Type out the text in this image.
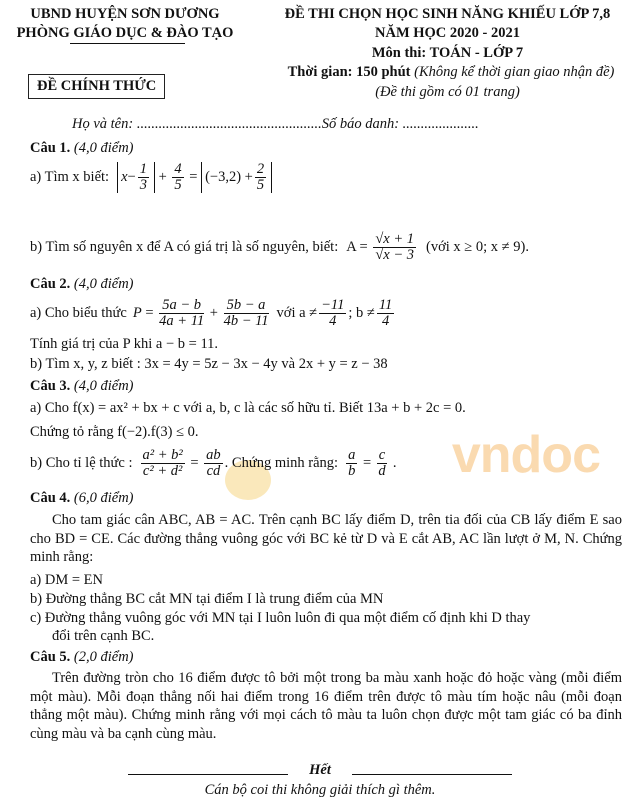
UBND HUYỆN SƠN DƯƠNG
PHÒNG GIÁO DỤC & ĐÀO TẠO
ĐỀ CHÍNH THỨC
ĐỀ THI CHỌN HỌC SINH NĂNG KHIẾU LỚP 7,8
NĂM HỌC 2020 - 2021
Môn thi: TOÁN - LỚP 7
Thời gian: 150 phút (Không kể thời gian giao nhận đề)
(Đề thi gồm có 01 trang)
Họ và tên: ...................................................Số báo danh: .....................
vndoc
Câu 1. (4,0 điểm)
a) Tìm x biết: $x - \frac{1}{3} + \frac{4}{5} = (-3,2) + \frac{2}{5}$
b) Tìm số nguyên x để A có giá trị là số nguyên, biết: $A = \frac{√x + 1}{√x - 3}$ (với x ≥ 0; x ≠ 9).
Câu 2. (4,0 điểm)
a) Cho biểu thức $P = \frac{5a - b}{4a + 11} + \frac{5b - a}{4b - 11}$ với $a \ne \frac{-11}{4}$ ; $b \ne \frac{11}{4}$
Tính giá trị của P khi a − b = 11.
b) Tìm x, y, z biết : 3x = 4y = 5z − 3x − 4y và 2x + y = z − 38
Câu 3. (4,0 điểm)
a) Cho f(x) = ax² + bx + c với a, b, c là các số hữu tỉ. Biết 13a + b + 2c = 0.
Chứng tỏ rằng f(−2).f(3) ≤ 0.
b) Cho tỉ lệ thức : $\frac{\text{a² + b²}}{\text{c² + d²}} = \frac{ab}{cd}$ . Chứng minh rằng: $\frac{a}{b} = \frac{c}{d}$ .
Câu 4. (6,0 điểm)
Cho tam giác cân ABC, AB = AC. Trên cạnh BC lấy điểm D, trên tia đối của CB lấy điểm E sao cho BD = CE. Các đường thẳng vuông góc với BC kẻ từ D và E cắt AB, AC lần lượt ở M, N. Chứng minh rằng:
a) DM = EN
b) Đường thẳng BC cắt MN tại điểm I là trung điểm của MN
c) Đường thẳng vuông góc với MN tại I luôn luôn đi qua một điểm cố định khi D thay
đổi trên cạnh BC.
Câu 5. (2,0 điểm)
Trên đường tròn cho 16 điểm được tô bởi một trong ba màu xanh hoặc đỏ hoặc vàng (mỗi điểm một màu). Mỗi đoạn thẳng nối hai điểm trong 16 điểm trên được tô màu tím hoặc nâu (mỗi đoạn thẳng một màu). Chứng minh rằng với mọi cách tô màu ta luôn chọn được một tam giác có ba đỉnh cùng màu và ba cạnh cùng màu.
Hết
Cán bộ coi thi không giải thích gì thêm.
